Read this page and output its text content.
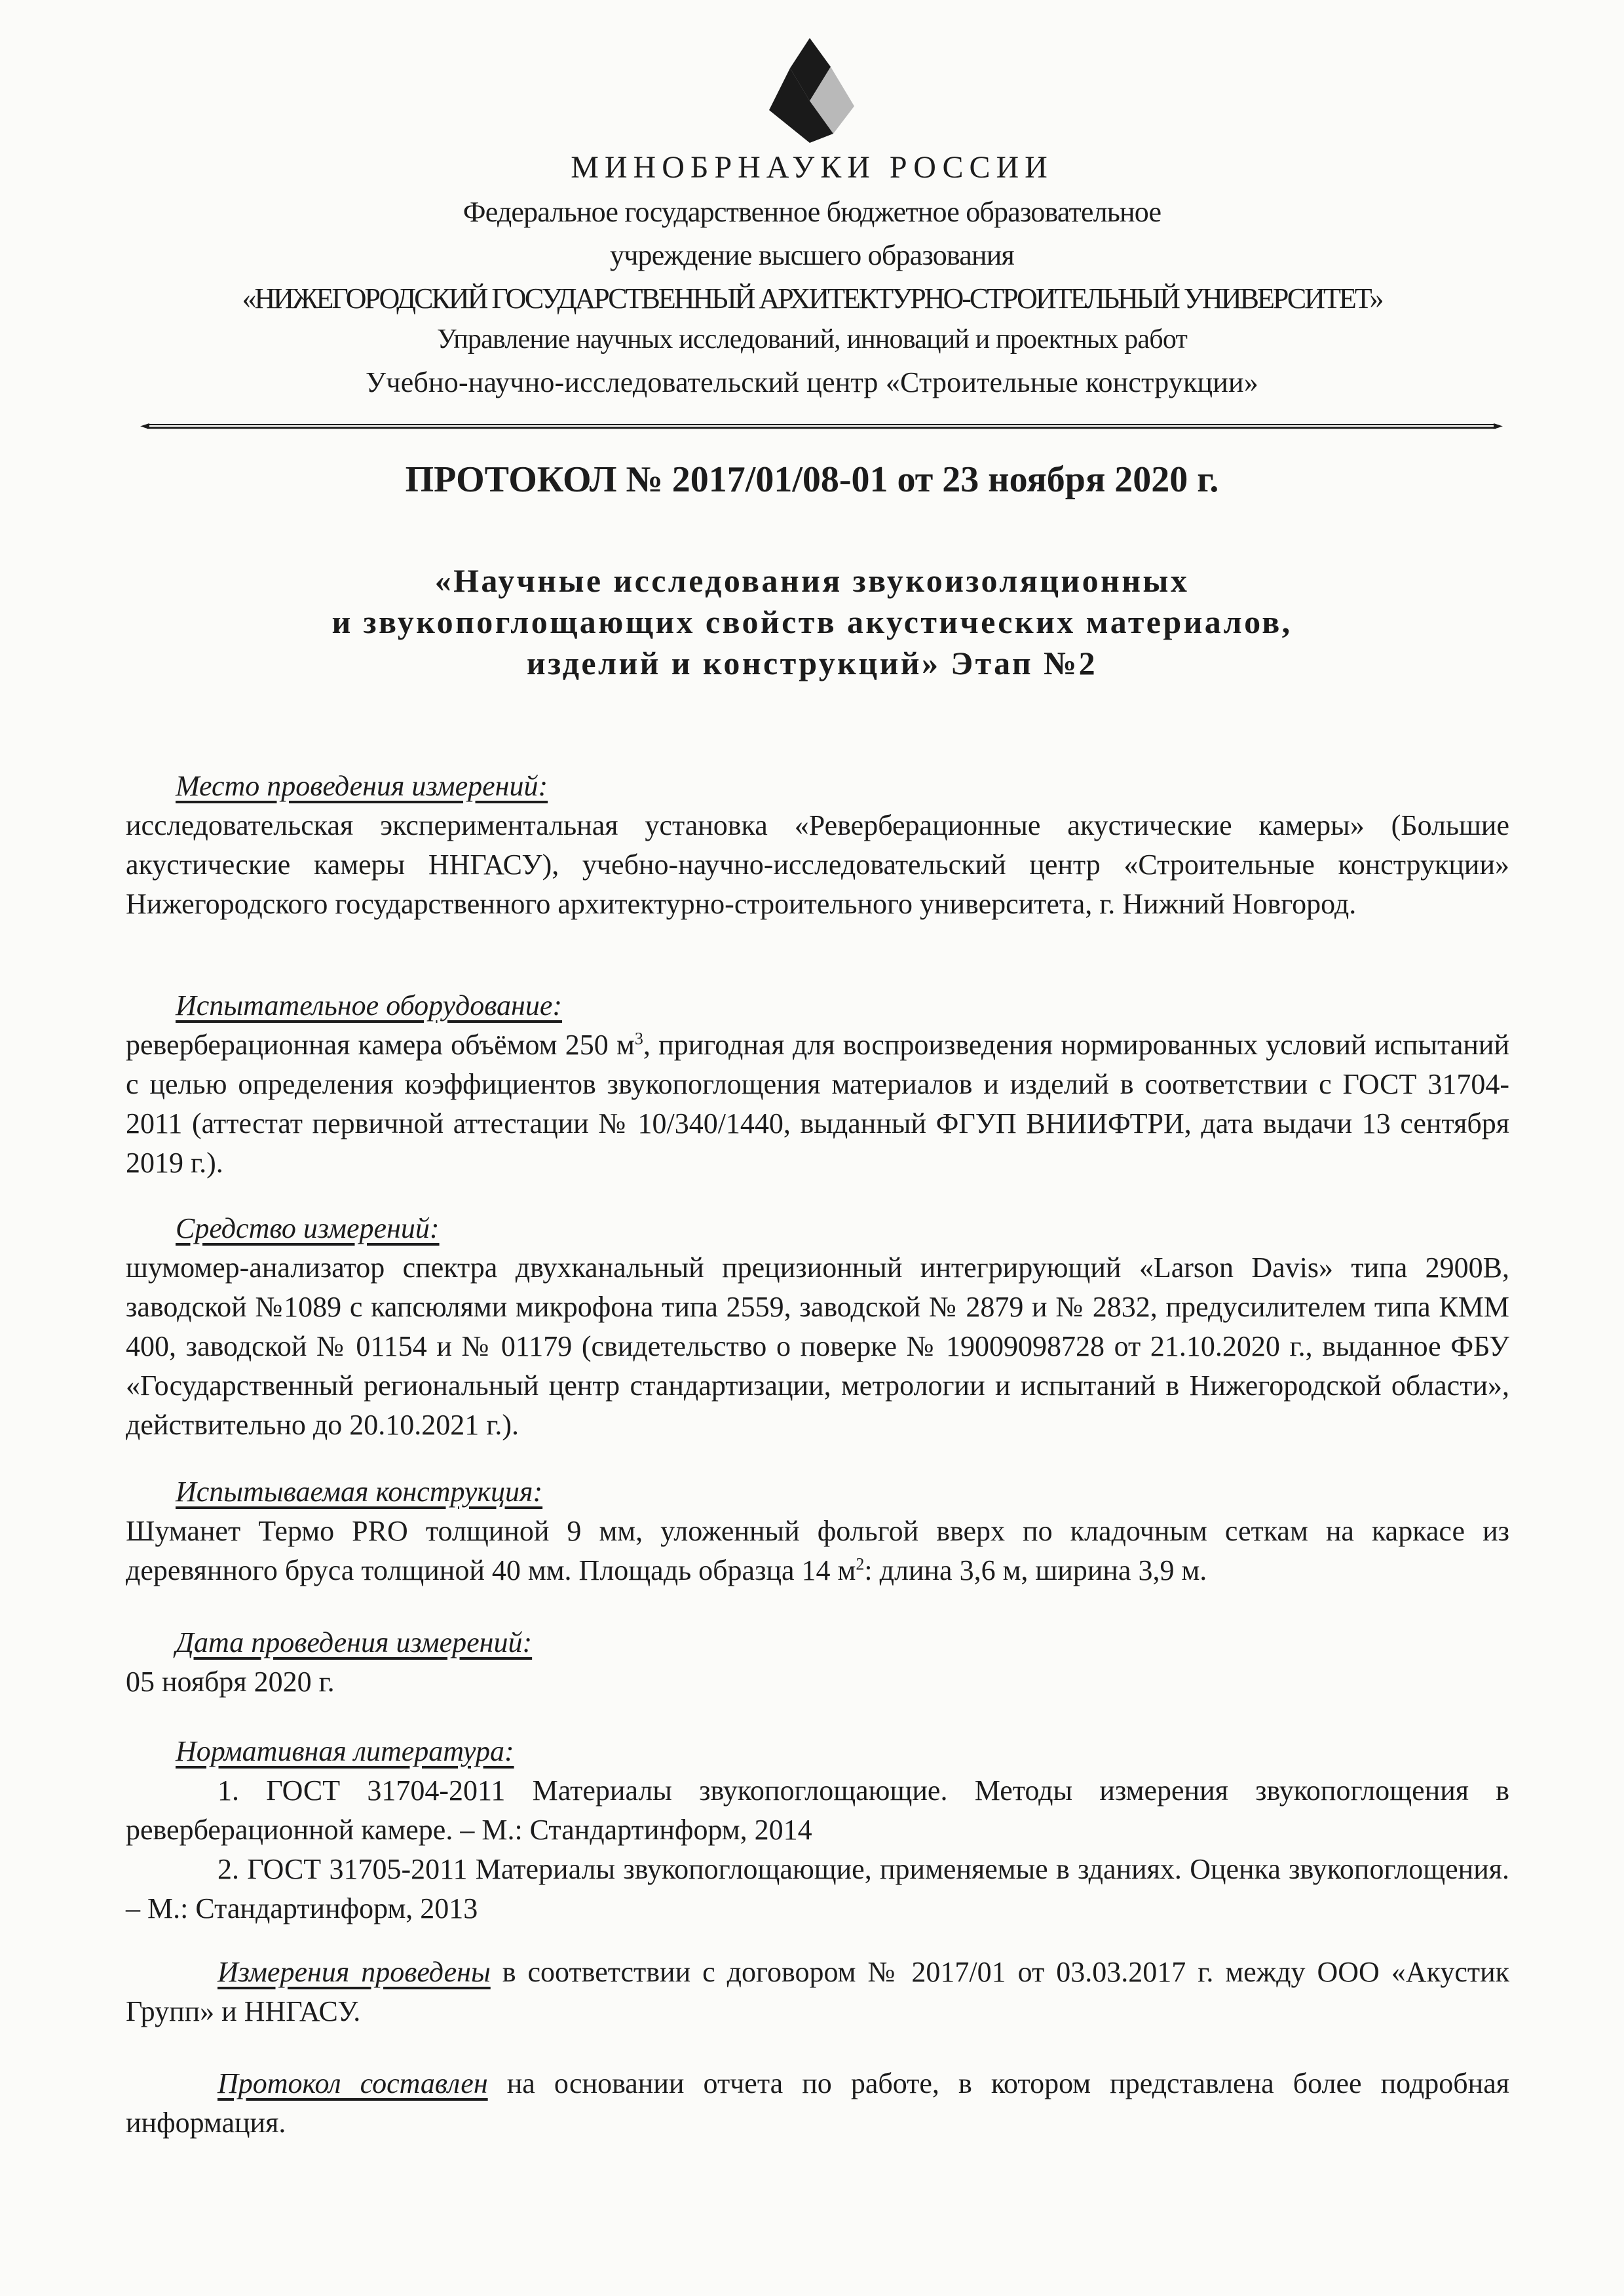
МИНОБРНАУКИ РОССИИ
Федеральное государственное бюджетное образовательное
учреждение высшего образования
«НИЖЕГОРОДСКИЙ ГОСУДАРСТВЕННЫЙ АРХИТЕКТУРНО-СТРОИТЕЛЬНЫЙ УНИВЕРСИТЕТ»
Управление научных исследований, инноваций и проектных работ
Учебно-научно-исследовательский центр «Строительные конструкции»
ПРОТОКОЛ № 2017/01/08-01 от 23 ноября 2020 г.
«Научные исследования звукоизоляционных
и звукопоглощающих свойств акустических материалов,
изделий и конструкций» Этап №2
Место проведения измерений:
исследовательская экспериментальная установка «Реверберационные акустические камеры» (Большие акустические камеры ННГАСУ), учебно-научно-исследовательский центр «Строительные конструкции» Нижегородского государственного архитектурно-строительного университета, г. Нижний Новгород.
Испытательное оборудование:
реверберационная камера объёмом 250 $м^3$, пригодная для воспроизведения нормированных условий испытаний с целью определения коэффициентов звукопоглощения материалов и изделий в соответствии с ГОСТ 31704-2011 (аттестат первичной аттестации № 10/340/1440, выданный ФГУП ВНИИФТРИ, дата выдачи 13 сентября 2019 г.).
Средство измерений:
шумомер-анализатор спектра двухканальный прецизионный интегрирующий «Larson Davis» типа 2900B, заводской №1089 с капсюлями микрофона типа 2559, заводской № 2879 и № 2832, предусилителем типа КММ 400, заводской № 01154 и № 01179 (свидетельство о поверке № 19009098728 от 21.10.2020 г., выданное ФБУ «Государственный региональный центр стандартизации, метрологии и испытаний в Нижегородской области», действительно до 20.10.2021 г.).
Испытываемая конструкция:
Шуманет Термо PRO толщиной 9 мм, уложенный фольгой вверх по кладочным сеткам на каркасе из деревянного бруса толщиной 40 мм. Площадь образца 14 $м^2$: длина 3,6 м, ширина 3,9 м.
Дата проведения измерений:
05 ноября 2020 г.
Нормативная литература:
1. ГОСТ 31704-2011 Материалы звукопоглощающие. Методы измерения звукопоглощения в реверберационной камере. – М.: Стандартинформ, 2014
2. ГОСТ 31705-2011 Материалы звукопоглощающие, применяемые в зданиях. Оценка звукопоглощения. – М.: Стандартинформ, 2013
Измерения проведены в соответствии с договором № 2017/01 от 03.03.2017 г. между ООО «Акустик Групп» и ННГАСУ.
Протокол составлен на основании отчета по работе, в котором представлена более подробная информация.
